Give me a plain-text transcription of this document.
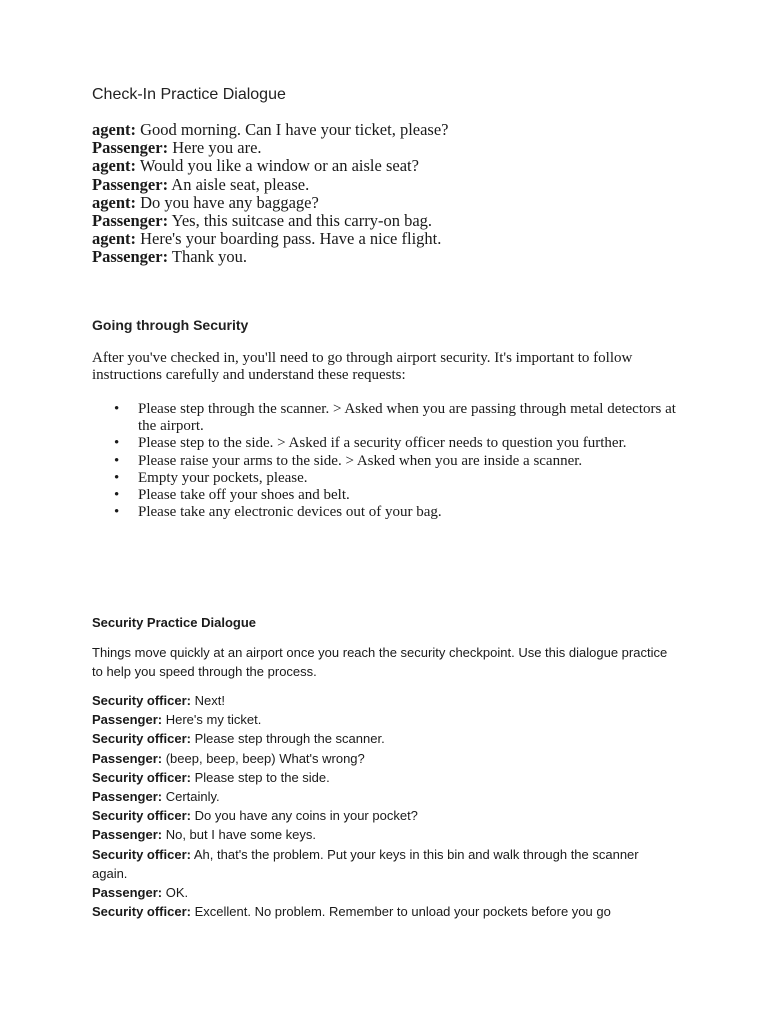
Check-In Practice Dialogue
agent: Good morning. Can I have your ticket, please?
Passenger: Here you are.
agent: Would you like a window or an aisle seat?
Passenger: An aisle seat, please.
agent: Do you have any baggage?
Passenger: Yes, this suitcase and this carry-on bag.
agent: Here's your boarding pass. Have a nice flight.
Passenger: Thank you.
Going through Security
After you've checked in, you'll need to go through airport security. It's important to follow instructions carefully and understand these requests:
• Please step through the scanner. > Asked when you are passing through metal detectors at the airport.
• Please step to the side. > Asked if a security officer needs to question you further.
• Please raise your arms to the side. > Asked when you are inside a scanner.
• Empty your pockets, please.
• Please take off your shoes and belt.
• Please take any electronic devices out of your bag.
Security Practice Dialogue
Things move quickly at an airport once you reach the security checkpoint. Use this dialogue practice to help you speed through the process.
Security officer: Next!
Passenger: Here's my ticket.
Security officer: Please step through the scanner.
Passenger: (beep, beep, beep) What's wrong?
Security officer: Please step to the side.
Passenger: Certainly.
Security officer: Do you have any coins in your pocket?
Passenger: No, but I have some keys.
Security officer: Ah, that's the problem. Put your keys in this bin and walk through the scanner again.
Passenger: OK.
Security officer: Excellent. No problem. Remember to unload your pockets before you go
